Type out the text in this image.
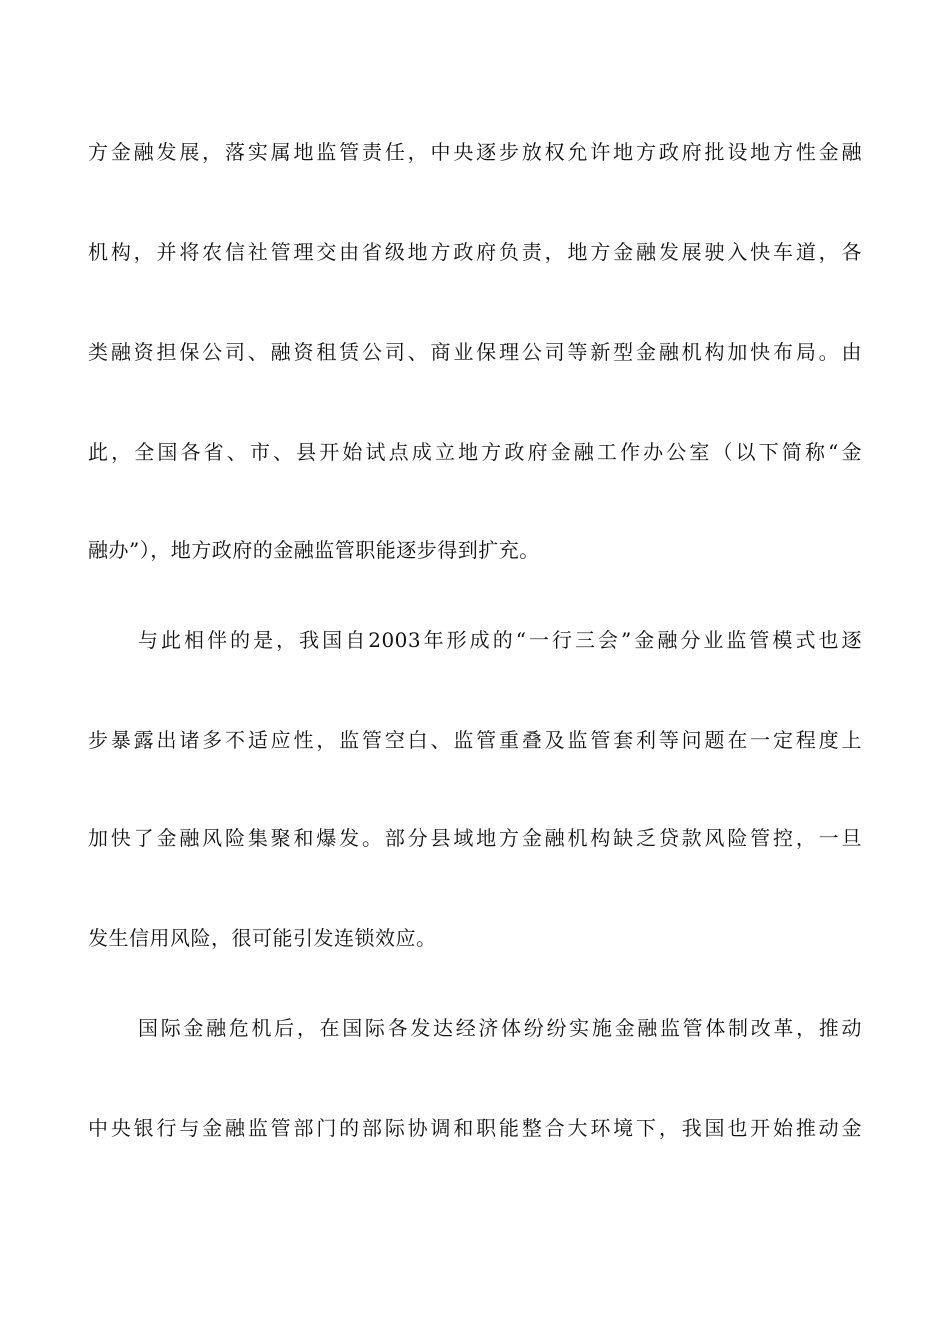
方金融发展，落实属地监管责任，中央逐步放权允许地方政府批设地方性金融
机构，并将农信社管理交由省级地方政府负责，地方金融发展驶入快车道，各
类融资担保公司、融资租赁公司、商业保理公司等新型金融机构加快布局。由
此，全国各省、市、县开始试点成立地方政府金融工作办公室（以下简称“金
融办”），地方政府的金融监管职能逐步得到扩充。
与此相伴的是，我国自2003年形成的“一行三会”金融分业监管模式也逐
步暴露出诸多不适应性，监管空白、监管重叠及监管套利等问题在一定程度上
加快了金融风险集聚和爆发。部分县域地方金融机构缺乏贷款风险管控，一旦
发生信用风险，很可能引发连锁效应。
国际金融危机后，在国际各发达经济体纷纷实施金融监管体制改革，推动
中央银行与金融监管部门的部际协调和职能整合大环境下，我国也开始推动金
